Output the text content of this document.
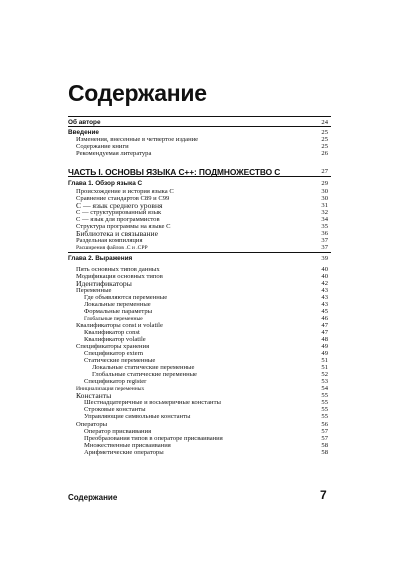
Содержание
Об авторе	24
Введение	25
Изменения, внесенные в четвертое издание	25
Содержание книги	25
Рекомендуемая литература	26
ЧАСТЬ I. ОСНОВЫ ЯЗЫКА C++: ПОДМНОЖЕСТВО С	27
Глава 1. Обзор языка С	29
Происхождение и история языка С	30
Сравнение стандартов С89 и С99	30
С — язык среднего уровня	31
С — структурированный язык	32
С — язык для программистов	34
Структура программы на языке С	35
Библиотека и связывание	36
Раздельная компиляция	37
Расширения файлов .С и .СРР	37
Глава 2. Выражения	39
Пять основных типов данных	40
Модификация основных типов	40
Идентификаторы	42
Переменные	43
Где объявляются переменные	43
Локальные переменные	43
Формальные параметры	45
Глобальные переменные	46
Квалификаторы const и volatile	47
Квалификатор const	47
Квалификатор volatile	48
Спецификаторы хранения	49
Спецификатор extern	49
Статические переменные	51
Локальные статические переменные	51
Глобальные статические переменные	52
Спецификатор register	53
Инициализация переменных	54
Константы	55
Шестнадцатеричные и восьмеричные константы	55
Строковые константы	55
Управляющие символьные константы	55
Операторы	56
Оператор присваивания	57
Преобразования типов в операторе присваивания	57
Множественные присваивания	58
Арифметические операторы	58
Содержание	7
